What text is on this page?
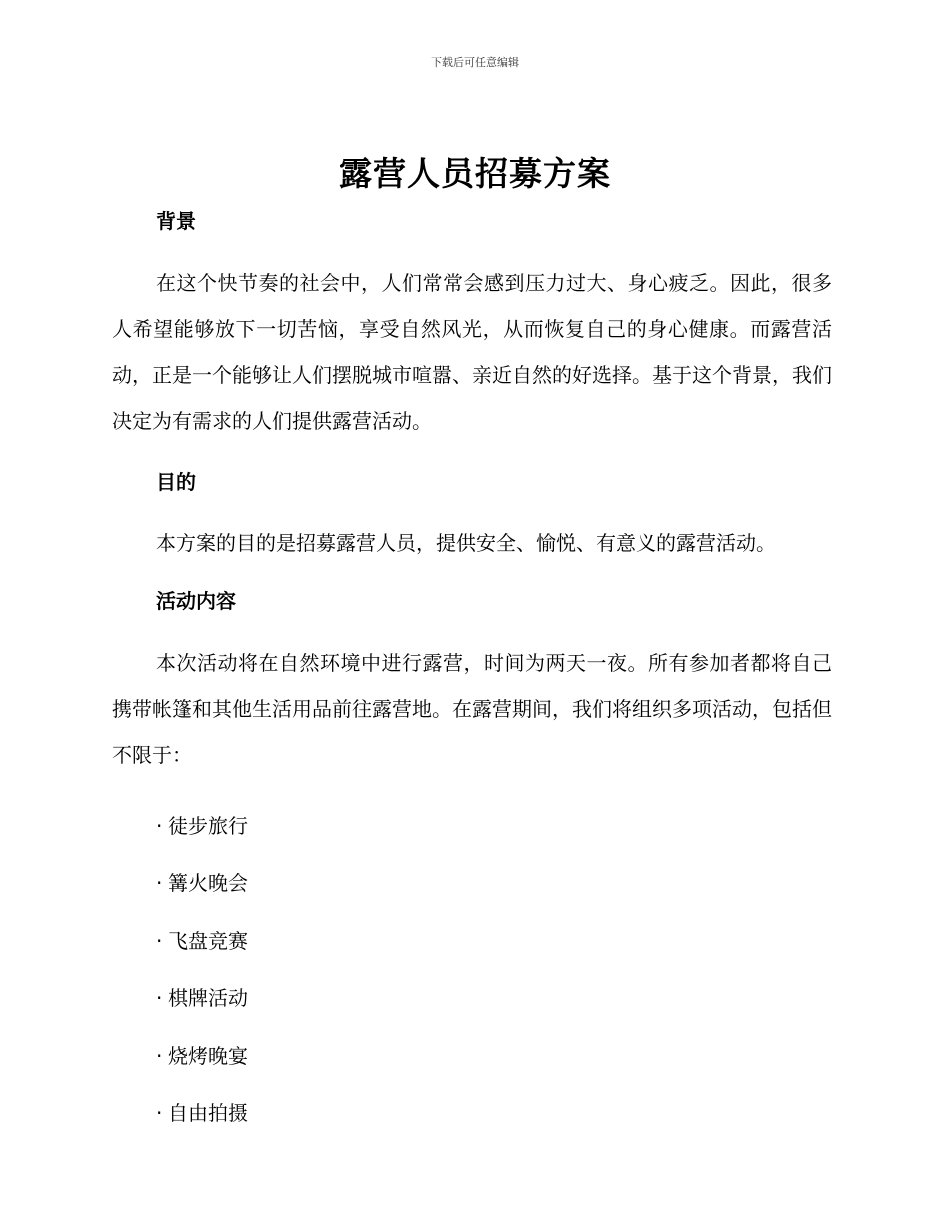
下载后可任意编辑
露营人员招募方案
背景

在这个快节奏的社会中，人们常常会感到压力过大、身心疲乏。因此，很多人希望能够放下一切苦恼，享受自然风光，从而恢复自己的身心健康。而露营活动，正是一个能够让人们摆脱城市喧嚣、亲近自然的好选择。基于这个背景，我们决定为有需求的人们提供露营活动。

目的

本方案的目的是招募露营人员，提供安全、愉悦、有意义的露营活动。

活动内容

本次活动将在自然环境中进行露营，时间为两天一夜。所有参加者都将自己携带帐篷和其他生活用品前往露营地。在露营期间，我们将组织多项活动，包括但不限于：

· 徒步旅行
· 篝火晚会
· 飞盘竞赛
· 棋牌活动
· 烧烤晚宴
· 自由拍摄
